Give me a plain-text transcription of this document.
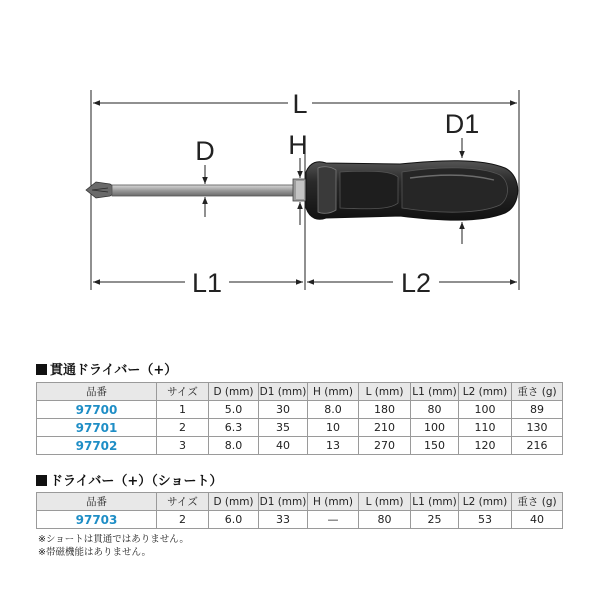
L
L1	L2
D	H
D1
貫通ドライバー（+）
品番	サイズ	D (mm)	D1 (mm)	H (mm)	L (mm)	L1 (mm)	L2 (mm)	重さ (g)
97700	1	5.0	30	8.0	180	80	100	89
97701	2	6.3	35	10	210	100	110	130
97702	3	8.0	40	13	270	150	120	216
ドライバー（+）（ショート）
品番	サイズ	D (mm)	D1 (mm)	H (mm)	L (mm)	L1 (mm)	L2 (mm)	重さ (g)
97703	2	6.0	33	—	80	25	53	40
※ショートは貫通ではありません。
※帯磁機能はありません。
